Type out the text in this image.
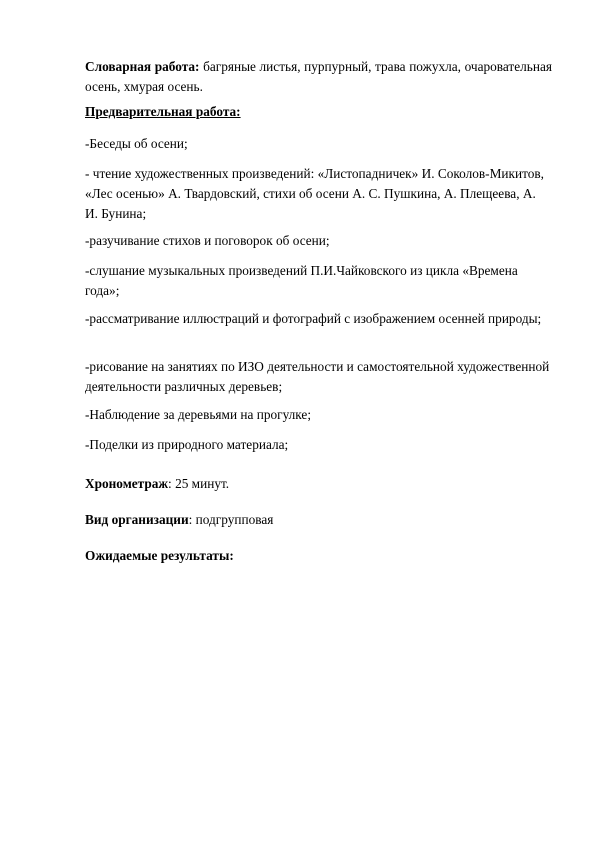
Словарная работа: багряные листья, пурпурный, трава пожухла, очаровательная осень, хмурая осень.

Предварительная работа:

-Беседы об осени;

- чтение художественных произведений: «Листопадничек» И. Соколов-Микитов, «Лес осенью» А. Твардовский, стихи об осени А. С. Пушкина, А. Плещеева, А. И. Бунина;

-разучивание стихов и поговорок об осени;

-слушание музыкальных произведений П.И.Чайковского из цикла «Времена года»;

-рассматривание иллюстраций и фотографий с изображением осенней природы;

-рисование на занятиях по ИЗО деятельности и самостоятельной художественной деятельности различных деревьев;

-Наблюдение за деревьями на прогулке;

-Поделки из природного материала;

Хронометраж: 25 минут.

Вид организации: подгрупповая

Ожидаемые результаты:
